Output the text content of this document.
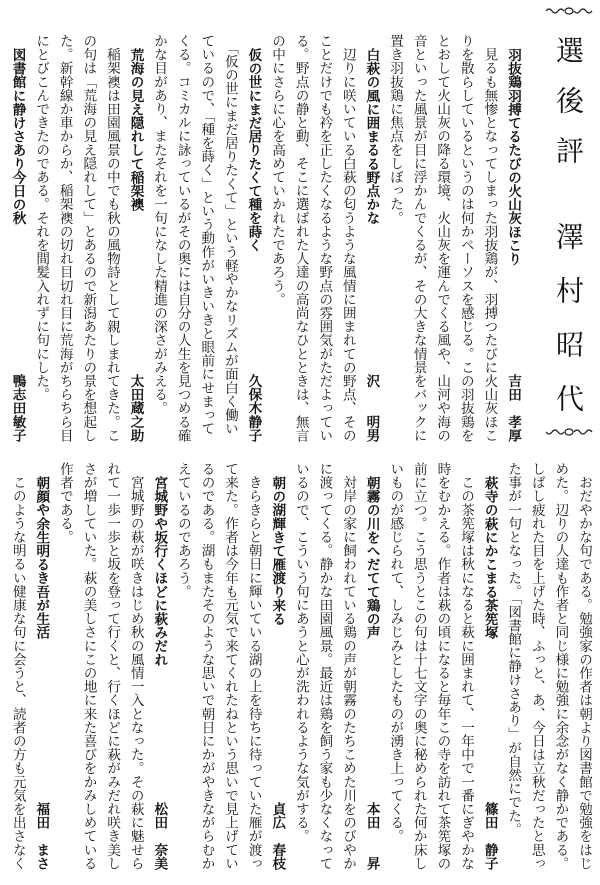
選後評
澤村昭代
羽抜鶏羽搏てるたびの火山灰ほこり
吉田　孝厚
　見るも無惨となってしまった羽抜鶏が、羽搏つたびに火山灰ほこ
りを散らしているというのは何かペーソスを感じる。この羽抜鶏を
とおして火山灰の降る環境、火山灰を運んでくる風や、山河や海の
音といった風景が目に浮かんでくるが、その大きな情景をバックに
置き羽抜鶏に焦点をしぼった。
白萩の風に囲まるる野点かな
沢　　明男
　辺りに咲いている白萩の匂うような風情に囲まれての野点、その
ことだけでも衿を正したくなるような野点の雰囲気がただよってい
る。野点の静と動、そこに選ばれた人達の高尚なひとときは、無言
の中にさらに心を高めていかれたであろう。
仮の世にまだ居りたくて種を蒔く
久保木静子
　「仮の世にまだ居りたくて」という軽やかなリズムが面白く働い
ているので、「種を蒔く」という動作がいきいきと眼前にせまって
くる。コミカルに詠っているがその奥には自分の人生を見つめる確
かな目があり、またそれを一句になした精進の深さがみえる。
荒海の見え隠れして稲架襖
太田蔵之助
　稲架襖は田園風景の中でも秋の風物詩として親しまれてきた。こ
の句は「荒海の見え隠れして」とあるので新潟あたりの景を想起し
た。新幹線か車からか、稲架襖の切れ目切れ目に荒海がちらちら目
にとびこんできたのである。それを間髪入れずに句にした。
図書館に静けさあり今日の秋
鴨志田敏子
　おだやかな句である。勉強家の作者は朝より図書館で勉強をはじ
めた。辺りの人達も作者と同じ様に勉強に余念がなく静かである。
しばし疲れた目を上げた時、ふっと、あ、今日は立秋だったと思っ
た事が一句となった。「図書館に静けさあり」が自然にでた。
萩寺の萩にかこまる茶筅塚
篠田　静子
　この茶筅塚は秋になると萩に囲まれて、一年中で一番にぎやかな
時をむかえる。作者は萩の頃になると毎年この寺を訪れて茶筅塚の
前に立つ。こう思うとこの句は十七文字の奥に秘められた何か床し
いものが感じられて、しみじみとしたものが湧き上ってくる。
朝霧の川をへだてて鶏の声
本田　　昇
　対岸の家に飼われている鶏の声が朝霧のたちこめた川をのびやか
に渡ってくる。静かな田園風景。最近は鶏を飼う家も少なくなって
いるので、こういう句にあうと心が洗われるような気がする。
朝の湖輝きて雁渡り来る
貞広　春枝
　きらきらと朝日に輝いている湖の上を待ちに待っていた雁が渡っ
て来た。作者は今年も元気で来てくれたねという思いで見上げてい
るのである。湖もまたそのような思いで朝日にかがやきながらむか
えているのであろう。
宮城野や坂行くほどに萩みだれ
松田　奈美
　宮城野の萩が咲きはじめ秋の風情一入となった。その萩に魅せら
れて一歩一歩と坂を登って行くと、行くほどに萩がみだれ咲き美し
さが増していた。萩の美しさにこの地に来た喜びをかみしめている
作者である。
朝顔や余生明るき吾が生活
福田　まさ
　このような明るい健康な句に会うと、読者の方も元気を出さなく
